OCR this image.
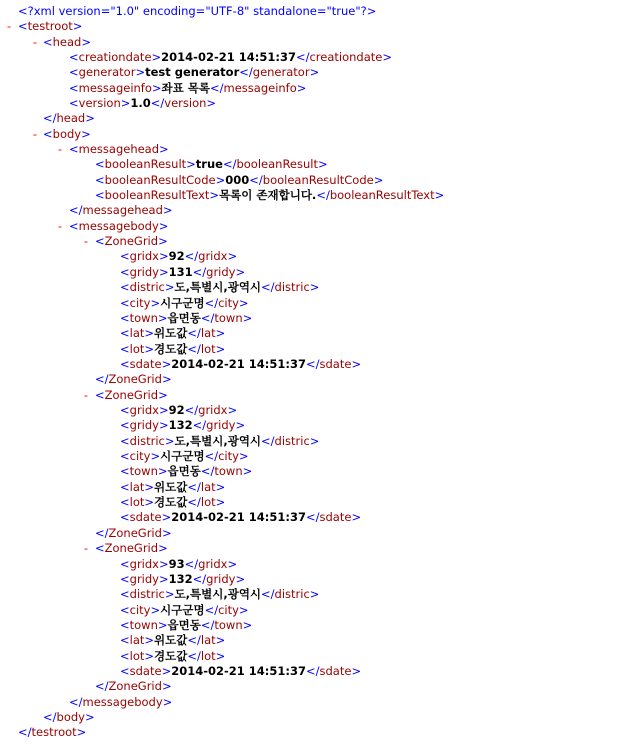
<?xml version="1.0" encoding="UTF-8" standalone="true"?>
- <testroot>
- <head>
<creationdate>2014-02-21 14:51:37</creationdate>
<generator>test generator</generator>
<messageinfo>좌표 목록</messageinfo>
<version>1.0</version>
</head>
- <body>
- <messagehead>
<booleanResult>true</booleanResult>
<booleanResultCode>000</booleanResultCode>
<booleanResultText>목록이 존재합니다.</booleanResultText>
</messagehead>
- <messagebody>
- <ZoneGrid>
<gridx>92</gridx>
<gridy>131</gridy>
<distric>도,특별시,광역시</distric>
<city>시구군명</city>
<town>읍면동</town>
<lat>위도값</lat>
<lot>경도값</lot>
<sdate>2014-02-21 14:51:37</sdate>
</ZoneGrid>
- <ZoneGrid>
<gridx>92</gridx>
<gridy>132</gridy>
<distric>도,특별시,광역시</distric>
<city>시구군명</city>
<town>읍면동</town>
<lat>위도값</lat>
<lot>경도값</lot>
<sdate>2014-02-21 14:51:37</sdate>
</ZoneGrid>
- <ZoneGrid>
<gridx>93</gridx>
<gridy>132</gridy>
<distric>도,특별시,광역시</distric>
<city>시구군명</city>
<town>읍면동</town>
<lat>위도값</lat>
<lot>경도값</lot>
<sdate>2014-02-21 14:51:37</sdate>
</ZoneGrid>
</messagebody>
</body>
</testroot>
